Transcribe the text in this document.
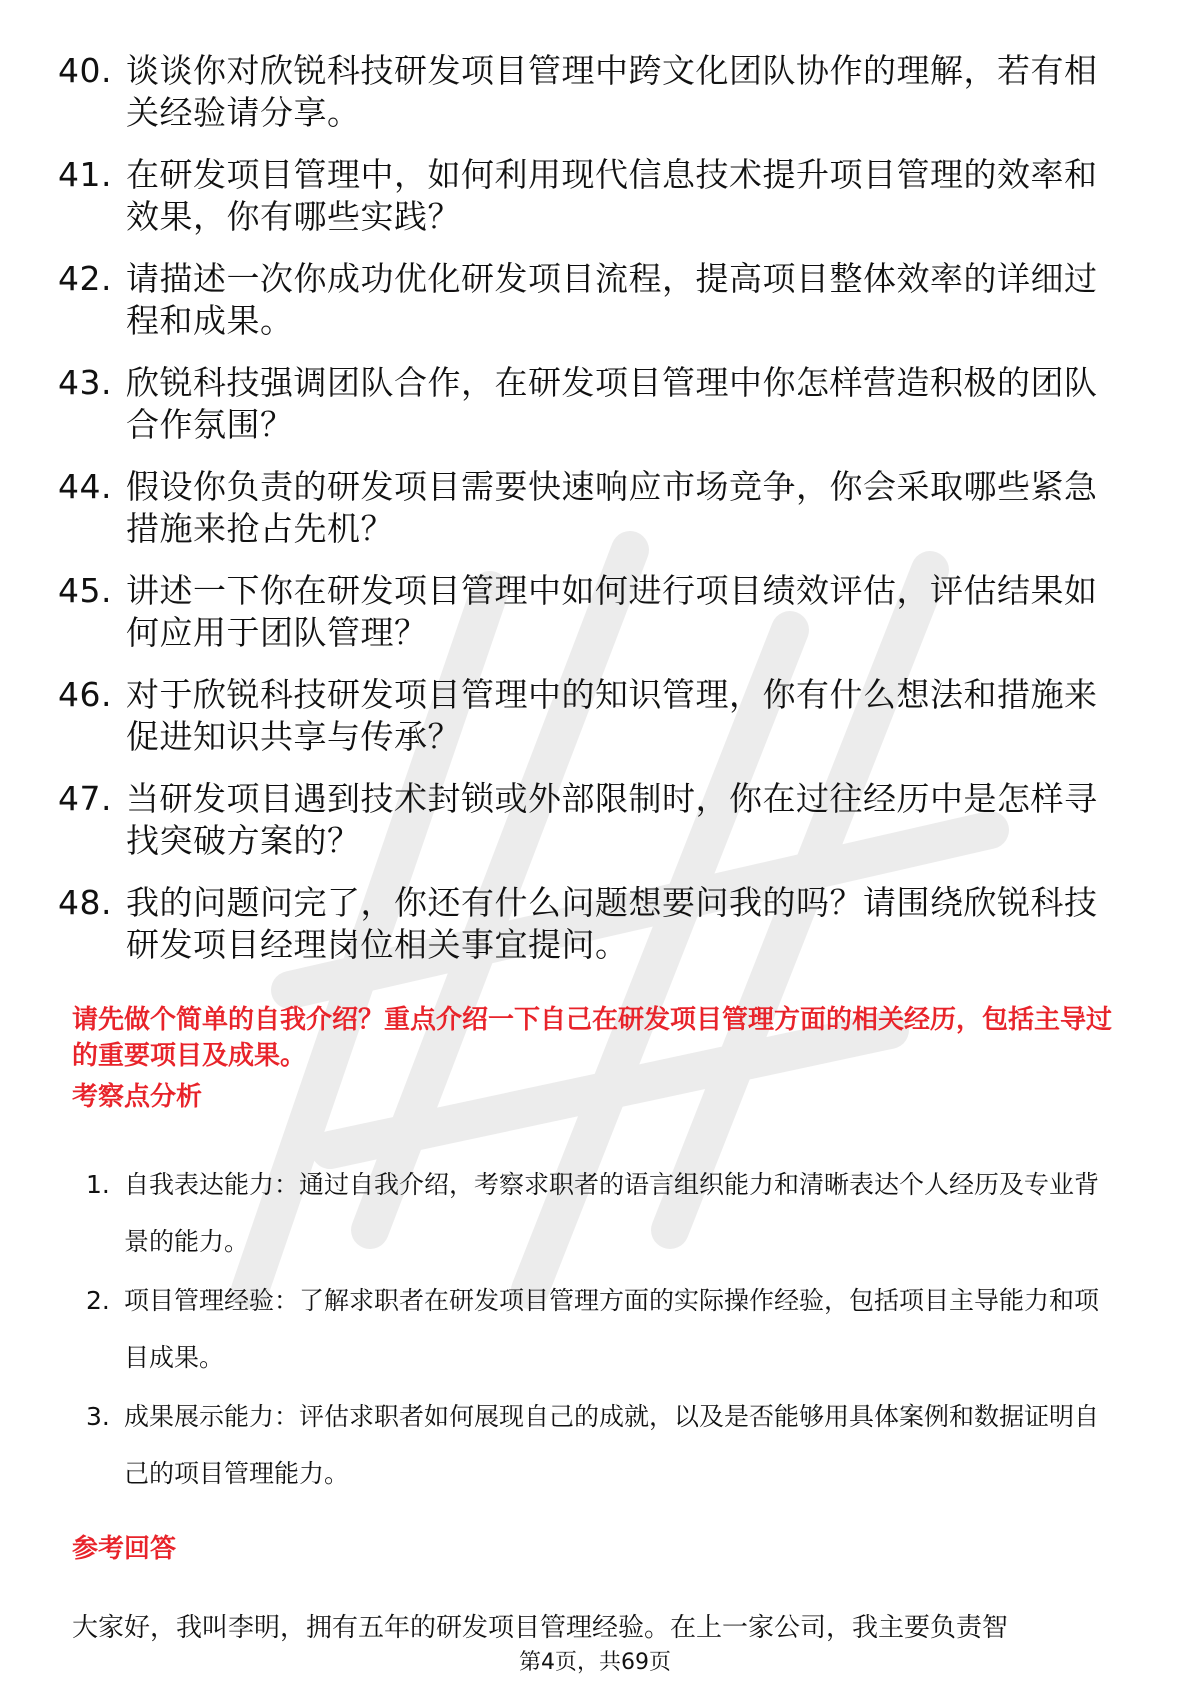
40. 谈谈你对欣锐科技研发项目管理中跨文化团队协作的理解，若有相关经验请分享。
41. 在研发项目管理中，如何利用现代信息技术提升项目管理的效率和效果，你有哪些实践？
42. 请描述一次你成功优化研发项目流程，提高项目整体效率的详细过程和成果。
43. 欣锐科技强调团队合作，在研发项目管理中你怎样营造积极的团队合作氛围？
44. 假设你负责的研发项目需要快速响应市场竞争，你会采取哪些紧急措施来抢占先机？
45. 讲述一下你在研发项目管理中如何进行项目绩效评估，评估结果如何应用于团队管理？
46. 对于欣锐科技研发项目管理中的知识管理，你有什么想法和措施来促进知识共享与传承？
47. 当研发项目遇到技术封锁或外部限制时，你在过往经历中是怎样寻找突破方案的？
48. 我的问题问完了，你还有什么问题想要问我的吗？请围绕欣锐科技研发项目经理岗位相关事宜提问。

请先做个简单的自我介绍？重点介绍一下自己在研发项目管理方面的相关经历，包括主导过的重要项目及成果。

考察点分析
1. 自我表达能力：通过自我介绍，考察求职者的语言组织能力和清晰表达个人经历及专业背景的能力。
2. 项目管理经验：了解求职者在研发项目管理方面的实际操作经验，包括项目主导能力和项目成果。
3. 成果展示能力：评估求职者如何展现自己的成就，以及是否能够用具体案例和数据证明自己的项目管理能力。
参考回答

大家好，我叫李明，拥有五年的研发项目管理经验。在上一家公司，我主要负责智

第4页，共69页
